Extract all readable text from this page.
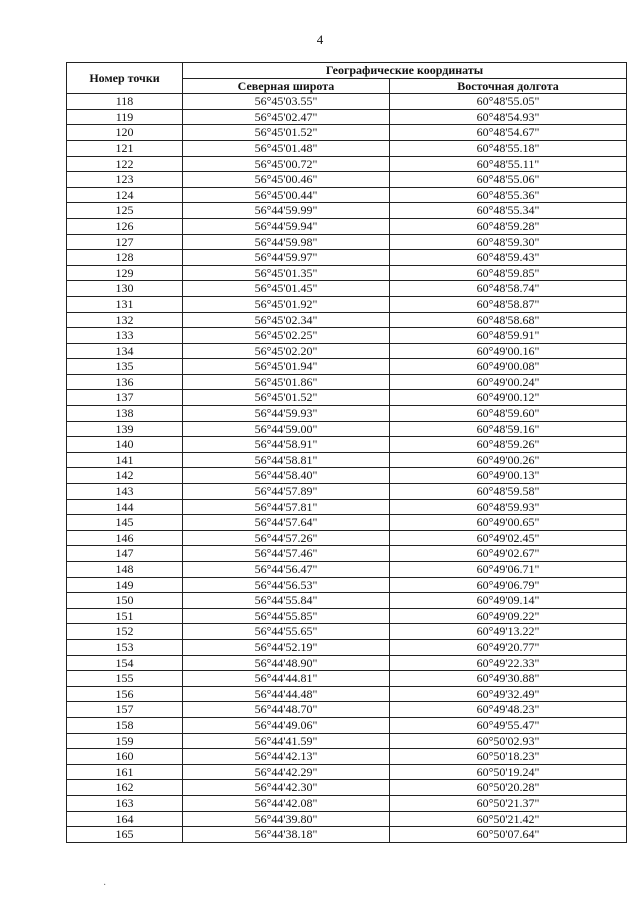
4
Номер точки	Географические координаты	
	Северная широта	Восточная долгота
118	56°45'03.55"	60°48'55.05"
119	56°45'02.47"	60°48'54.93"
120	56°45'01.52"	60°48'54.67"
121	56°45'01.48"	60°48'55.18"
122	56°45'00.72"	60°48'55.11"
123	56°45'00.46"	60°48'55.06"
124	56°45'00.44"	60°48'55.36"
125	56°44'59.99"	60°48'55.34"
126	56°44'59.94"	60°48'59.28"
127	56°44'59.98"	60°48'59.30"
128	56°44'59.97"	60°48'59.43"
129	56°45'01.35"	60°48'59.85"
130	56°45'01.45"	60°48'58.74"
131	56°45'01.92"	60°48'58.87"
132	56°45'02.34"	60°48'58.68"
133	56°45'02.25"	60°48'59.91"
134	56°45'02.20"	60°49'00.16"
135	56°45'01.94"	60°49'00.08"
136	56°45'01.86"	60°49'00.24"
137	56°45'01.52"	60°49'00.12"
138	56°44'59.93"	60°48'59.60"
139	56°44'59.00"	60°48'59.16"
140	56°44'58.91"	60°48'59.26"
141	56°44'58.81"	60°49'00.26"
142	56°44'58.40"	60°49'00.13"
143	56°44'57.89"	60°48'59.58"
144	56°44'57.81"	60°48'59.93"
145	56°44'57.64"	60°49'00.65"
146	56°44'57.26"	60°49'02.45"
147	56°44'57.46"	60°49'02.67"
148	56°44'56.47"	60°49'06.71"
149	56°44'56.53"	60°49'06.79"
150	56°44'55.84"	60°49'09.14"
151	56°44'55.85"	60°49'09.22"
152	56°44'55.65"	60°49'13.22"
153	56°44'52.19"	60°49'20.77"
154	56°44'48.90"	60°49'22.33"
155	56°44'44.81"	60°49'30.88"
156	56°44'44.48"	60°49'32.49"
157	56°44'48.70"	60°49'48.23"
158	56°44'49.06"	60°49'55.47"
159	56°44'41.59"	60°50'02.93"
160	56°44'42.13"	60°50'18.23"
161	56°44'42.29"	60°50'19.24"
162	56°44'42.30"	60°50'20.28"
163	56°44'42.08"	60°50'21.37"
164	56°44'39.80"	60°50'21.42"
165	56°44'38.18"	60°50'07.64"
·
